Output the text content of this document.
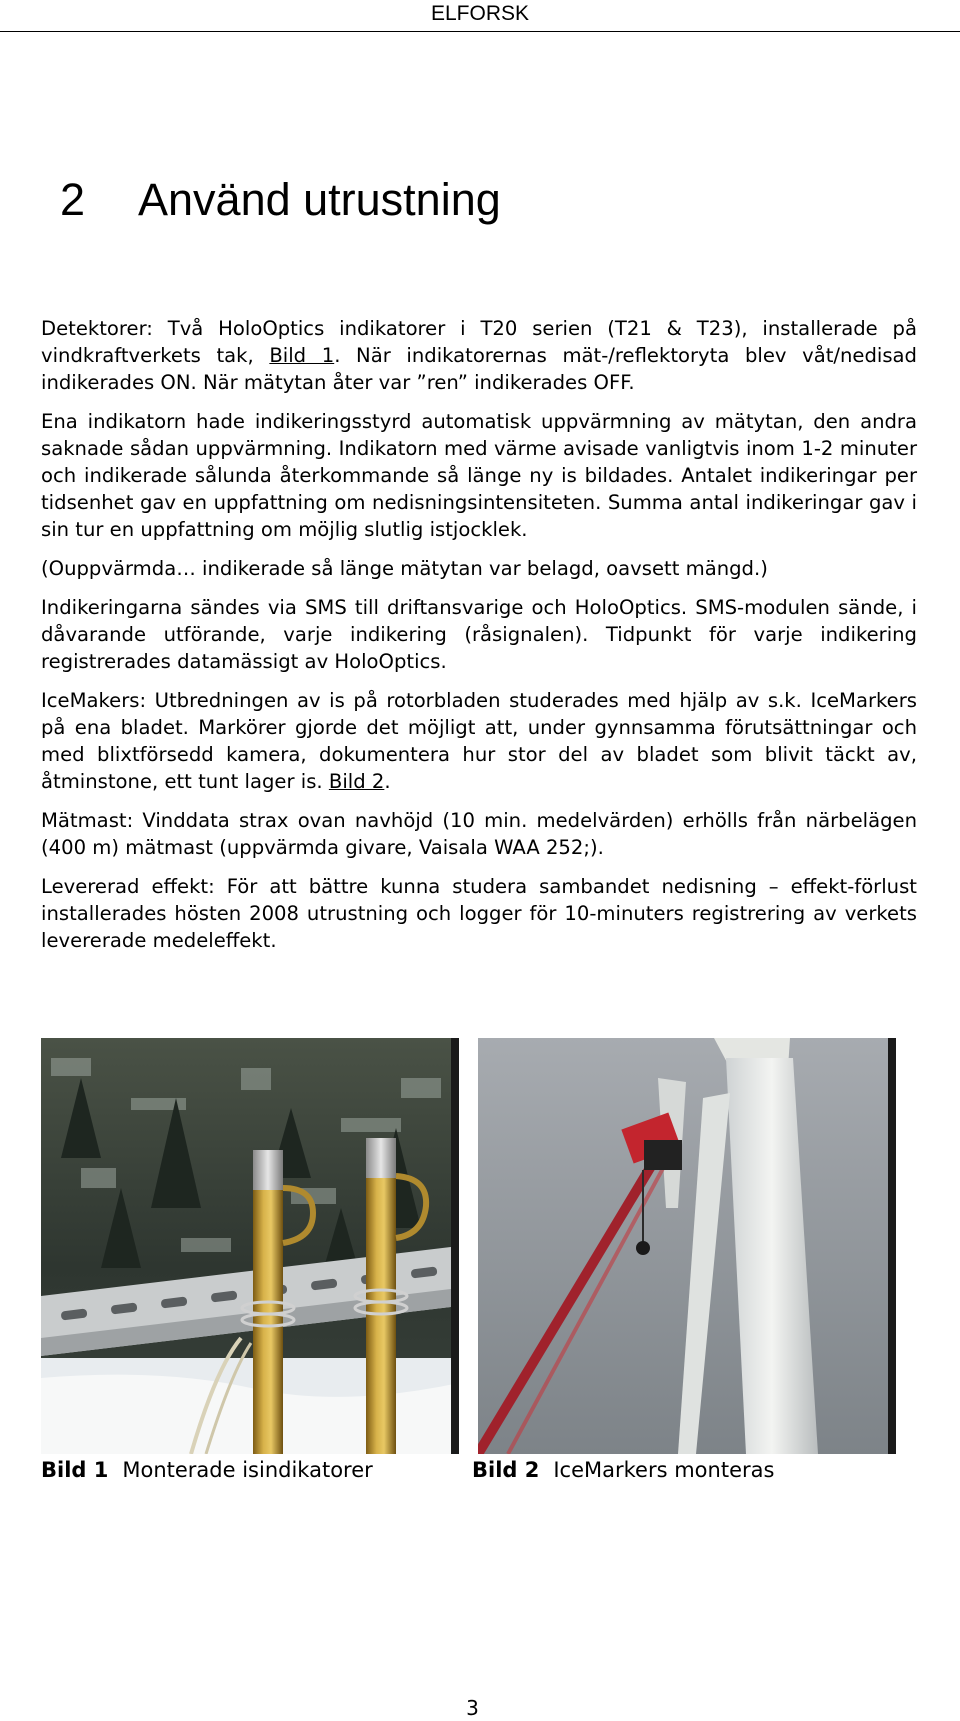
ELFORSK
2 Använd utrustning

Detektorer: Två HoloOptics indikatorer i T20 serien (T21 & T23), installerade på vindkraftverkets tak, Bild 1. När indikatorernas mät-/reflektoryta blev våt/nedisad indikerades ON. När mätytan åter var ”ren” indikerades OFF.

Ena indikatorn hade indikeringsstyrd automatisk uppvärmning av mätytan, den andra saknade sådan uppvärmning. Indikatorn med värme avisade vanligtvis inom 1-2 minuter och indikerade sålunda återkommande så länge ny is bildades. Antalet indikeringar per tidsenhet gav en uppfattning om nedisningsintensiteten. Summa antal indikeringar gav i sin tur en uppfattning om möjlig slutlig istjocklek.

(Ouppvärmda… indikerade så länge mätytan var belagd, oavsett mängd.)

Indikeringarna sändes via SMS till driftansvarige och HoloOptics. SMS-modulen sände, i dåvarande utförande, varje indikering (råsignalen). Tidpunkt för varje indikering registrerades datamässigt av HoloOptics.

IceMakers: Utbredningen av is på rotorbladen studerades med hjälp av s.k. IceMarkers på ena bladet. Markörer gjorde det möjligt att, under gynnsamma förutsättningar och med blixtförsedd kamera, dokumentera hur stor del av bladet som blivit täckt av, åtminstone, ett tunt lager is. Bild 2.

Mätmast: Vinddata strax ovan navhöjd (10 min. medelvärden) erhölls från närbelägen (400 m) mätmast (uppvärmda givare, Vaisala WAA 252;).

Levererad effekt: För att bättre kunna studera sambandet nedisning – effekt-förlust installerades hösten 2008 utrustning och logger för 10-minuters registrering av verkets levererade medeleffekt.

Bild 1 Monterade isindikatorer	Bild 2 IceMarkers monteras
3
